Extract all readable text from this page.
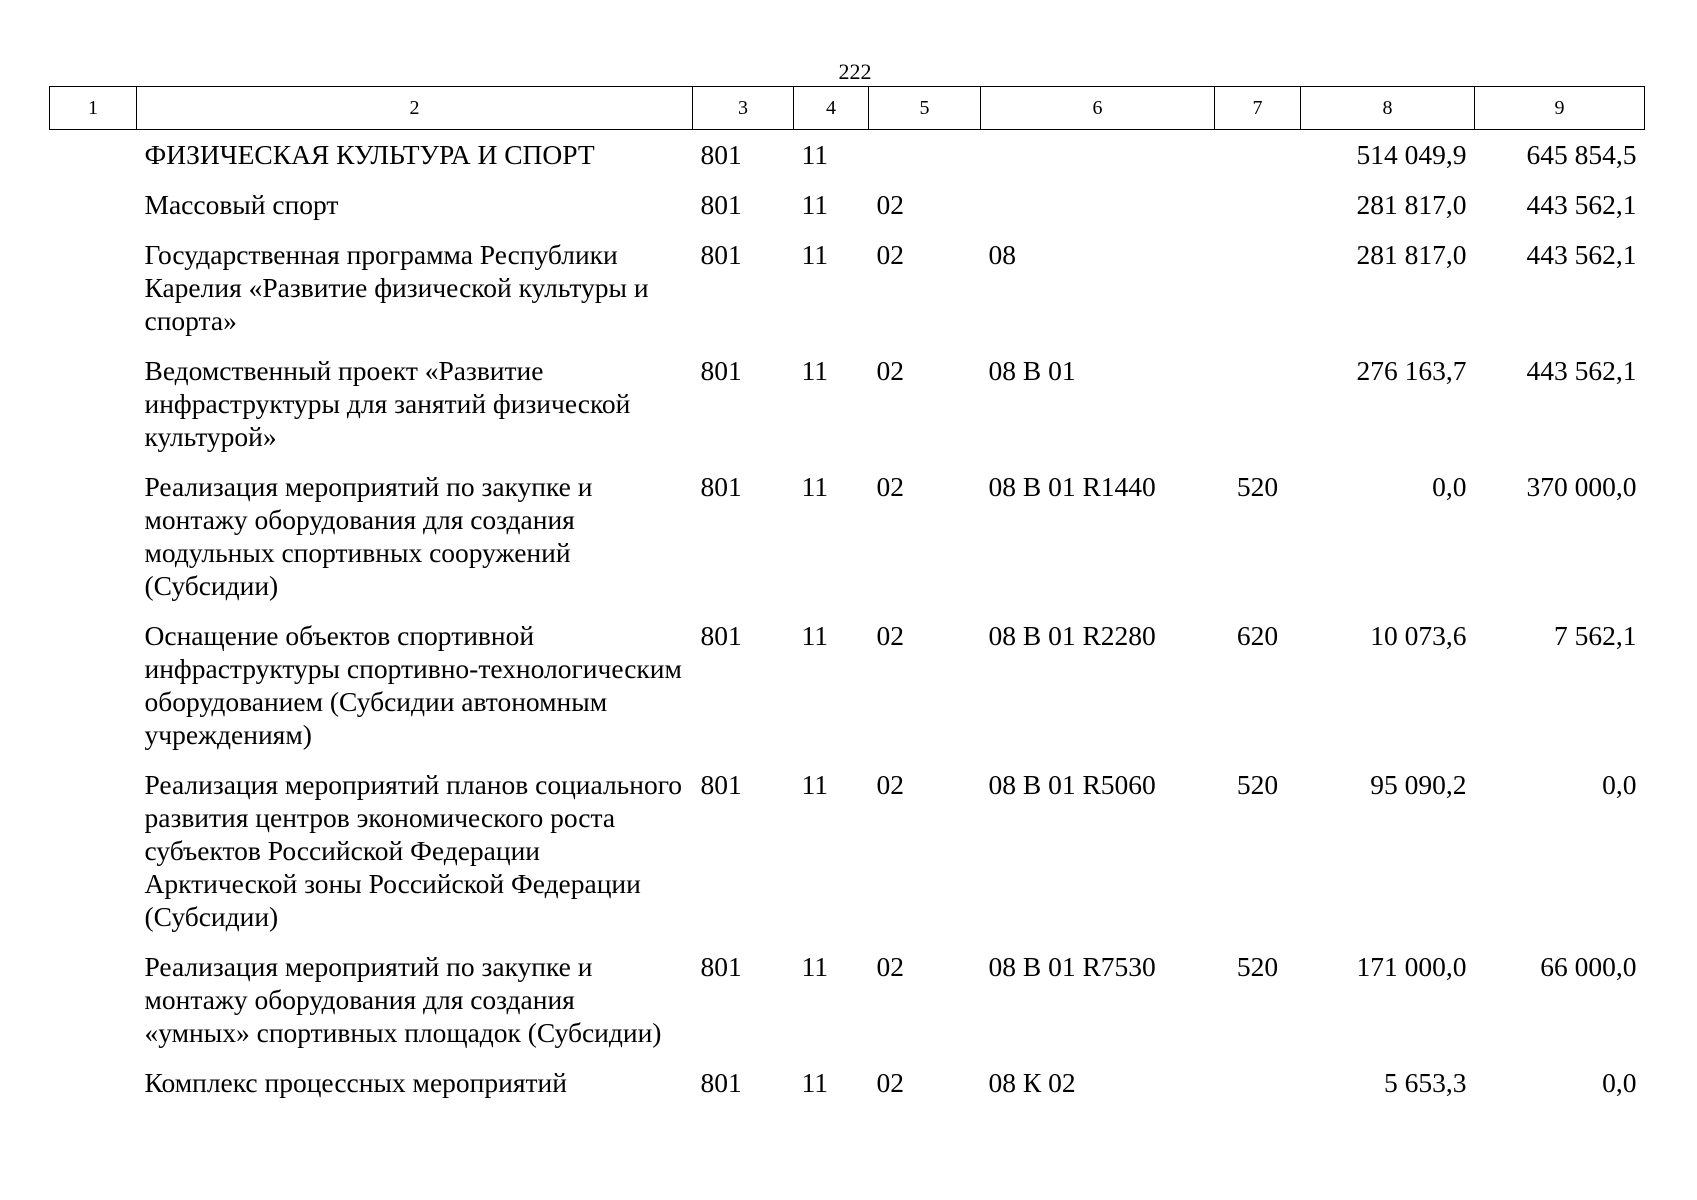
222
1	2	3	4	5	6	7	8	9
	ФИЗИЧЕСКАЯ КУЛЬТУРА И СПОРТ	801	11				514 049,9	645 854,5
	Массовый спорт	801	11	02			281 817,0	443 562,1
	Государственная программа Республики Карелия «Развитие физической культуры и спорта»	801	11	02	08		281 817,0	443 562,1
	Ведомственный проект «Развитие инфраструктуры для занятий физической культурой»	801	11	02	08 В 01		276 163,7	443 562,1
	Реализация мероприятий по закупке и монтажу оборудования для создания модульных спортивных сооружений (Субсидии)	801	11	02	08 В 01 R1440	520	0,0	370 000,0
	Оснащение объектов спортивной инфраструктуры спортивно-технологическим оборудованием (Субсидии автономным учреждениям)	801	11	02	08 В 01 R2280	620	10 073,6	7 562,1
	Реализация мероприятий планов социального развития центров экономического роста субъектов Российской Федерации Арктической зоны Российской Федерации (Субсидии)	801	11	02	08 В 01 R5060	520	95 090,2	0,0
	Реализация мероприятий по закупке и монтажу оборудования для создания «умных» спортивных площадок (Субсидии)	801	11	02	08 В 01 R7530	520	171 000,0	66 000,0
	Комплекс процессных мероприятий	801	11	02	08 К 02		5 653,3	0,0
